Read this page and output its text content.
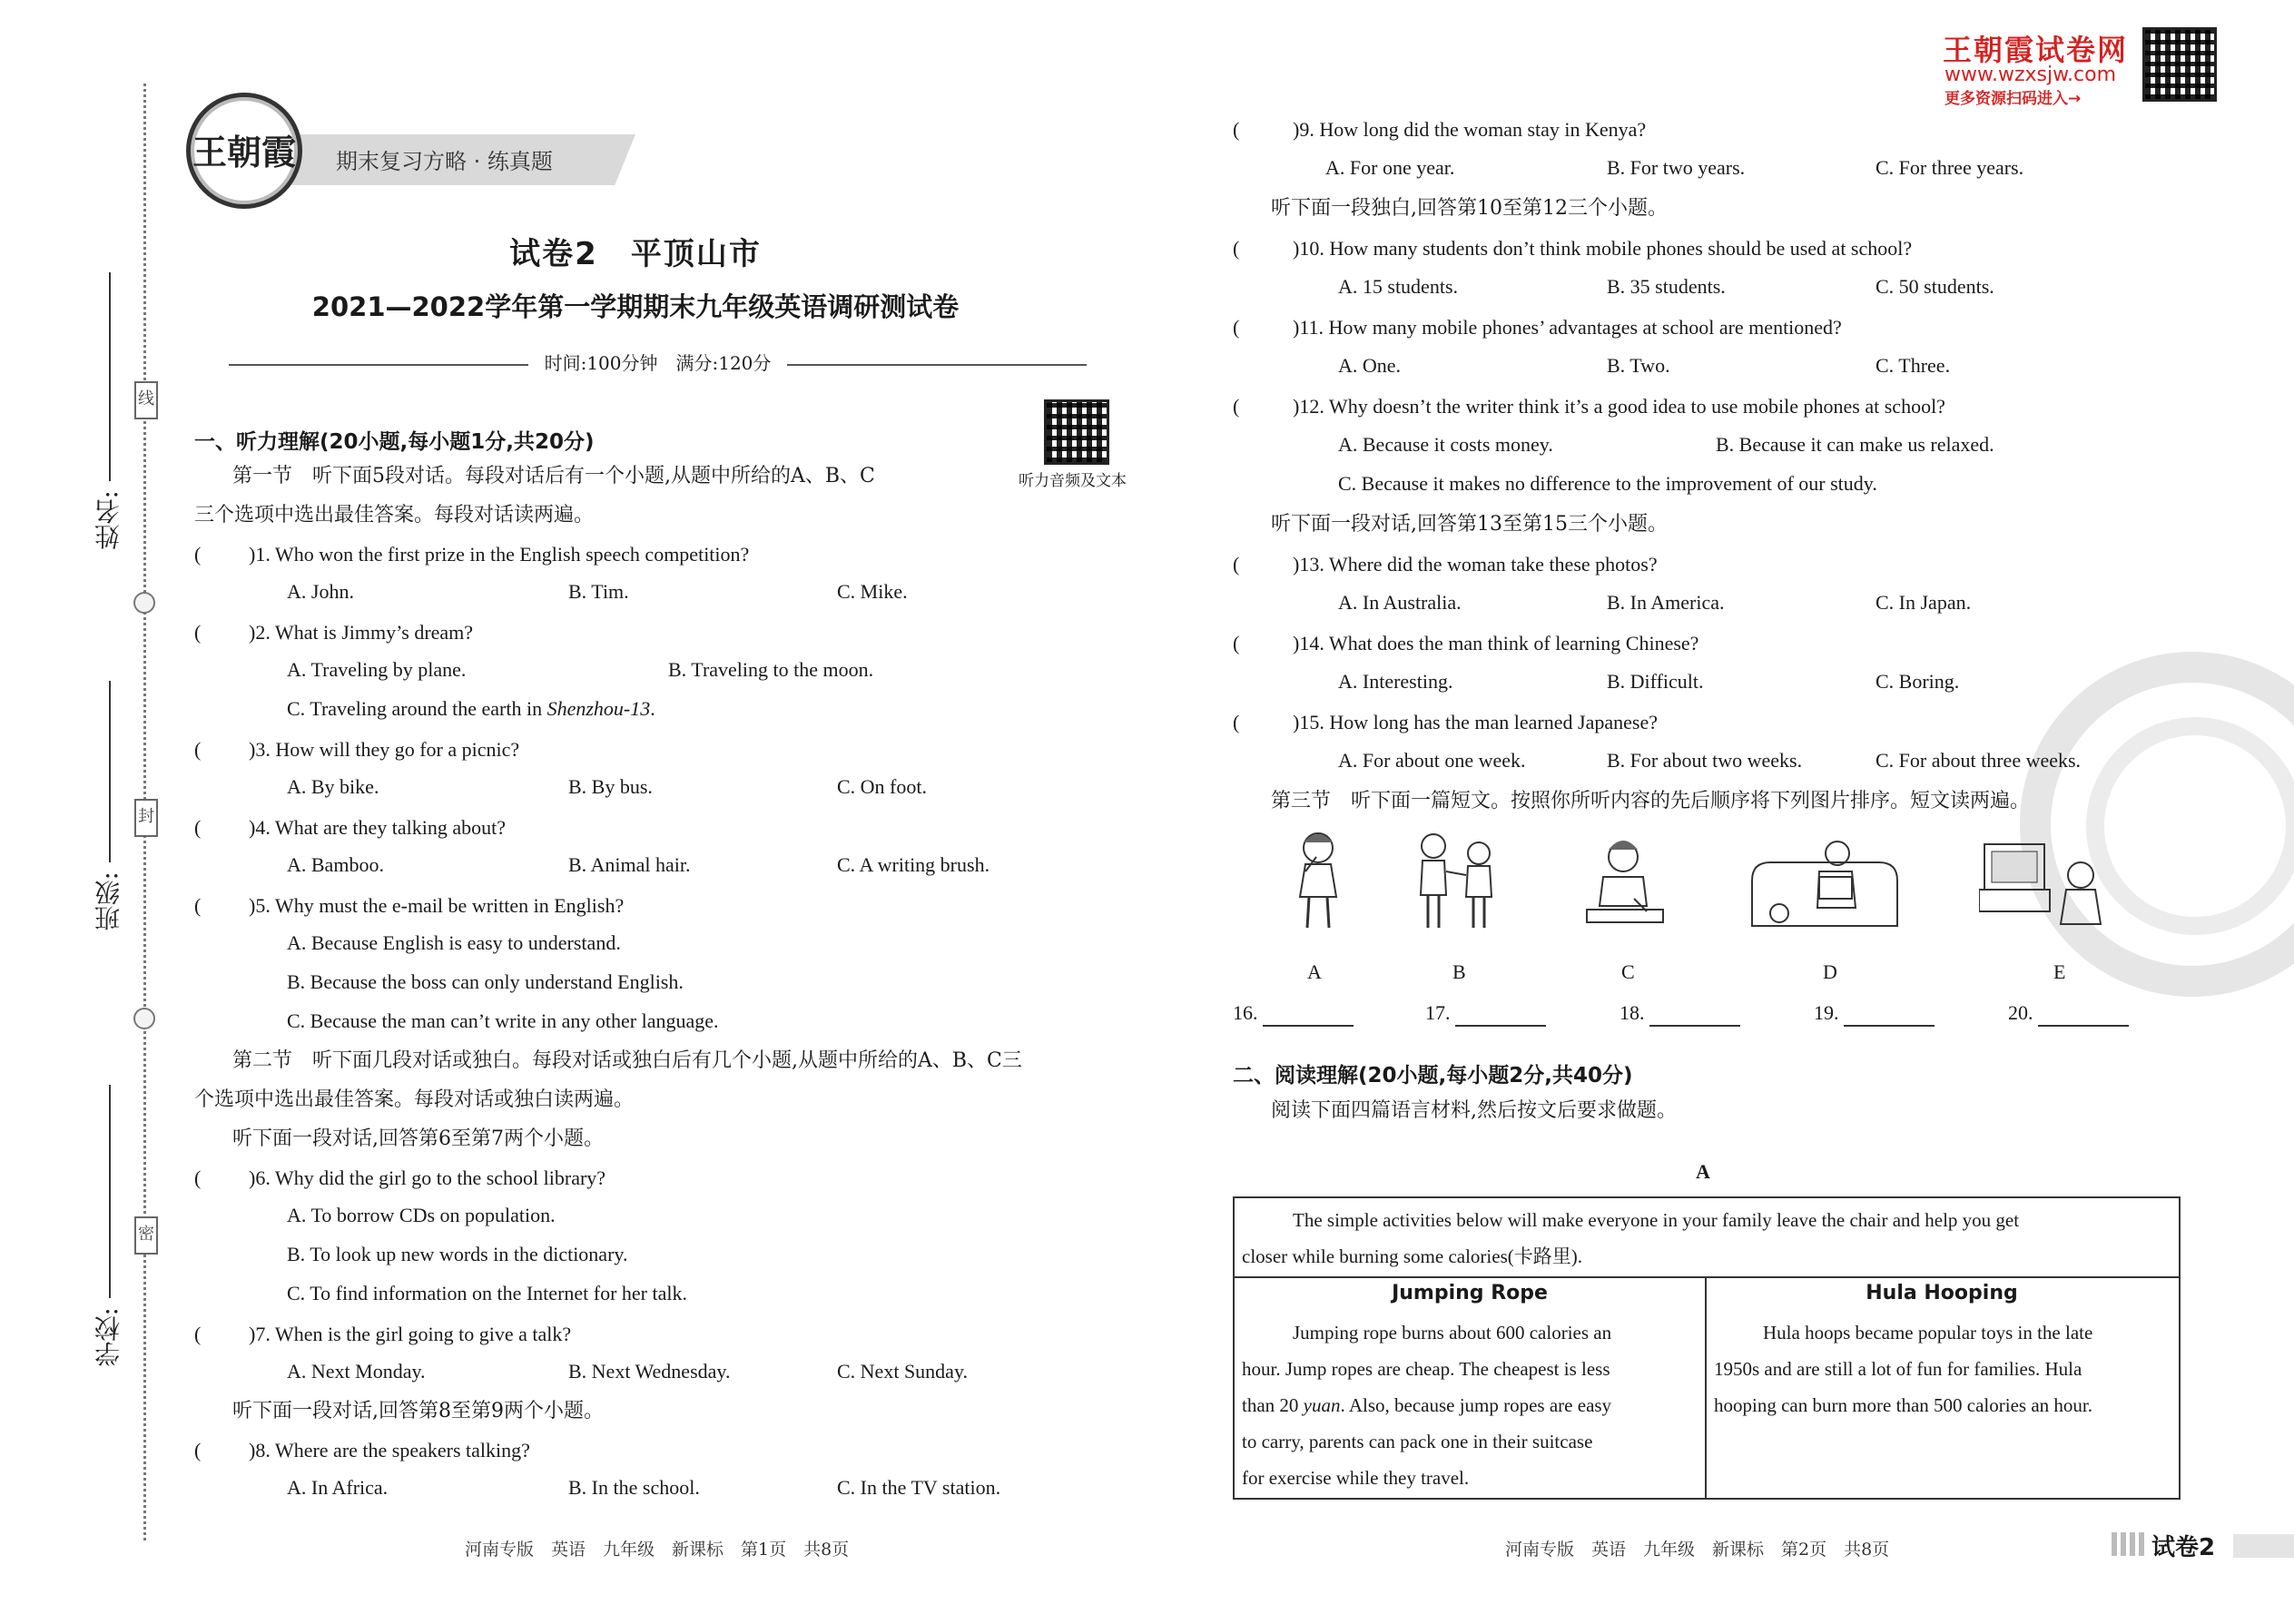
线
封
密
姓名:
班级:
学校:
期末复习方略 · 练真题
王朝霞
试卷2　平顶山市
2021—2022学年第一学期期末九年级英语调研测试卷
时间:100分钟　满分:120分
听力音频及文本
王朝霞试卷网
www.wzxsjw.com
更多资源扫码进入→
一、听力理解(20小题,每小题1分,共20分)
第一节　听下面5段对话。每段对话后有一个小题,从题中所给的A、B、C
三个选项中选出最佳答案。每段对话读两遍。
( )1. Who won the first prize in the English speech competition?
A. John.	B. Tim.	C. Mike.
( )2. What is Jimmy’s dream?
A. Traveling by plane.	B. Traveling to the moon.
C. Traveling around the earth in Shenzhou-13.
( )3. How will they go for a picnic?
A. By bike.	B. By bus.	C. On foot.
( )4. What are they talking about?
A. Bamboo.	B. Animal hair.	C. A writing brush.
( )5. Why must the e-mail be written in English?
A. Because English is easy to understand.
B. Because the boss can only understand English.
C. Because the man can’t write in any other language.
第二节　听下面几段对话或独白。每段对话或独白后有几个小题,从题中所给的A、B、C三
个选项中选出最佳答案。每段对话或独白读两遍。
听下面一段对话,回答第6至第7两个小题。
( )6. Why did the girl go to the school library?
A. To borrow CDs on population.
B. To look up new words in the dictionary.
C. To find information on the Internet for her talk.
( )7. When is the girl going to give a talk?
A. Next Monday.	B. Next Wednesday.	C. Next Sunday.
听下面一段对话,回答第8至第9两个小题。
( )8. Where are the speakers talking?
A. In Africa.	B. In the school.	C. In the TV station.
河南专版　英语　九年级　新课标　第1页　共8页
(	)9. How long did the woman stay in Kenya?
A. For one year.	B. For two years.	C. For three years.
听下面一段独白,回答第10至第12三个小题。
(	)10. How many students don’t think mobile phones should be used at school?
A. 15 students.	B. 35 students.	C. 50 students.
(	)11. How many mobile phones’ advantages at school are mentioned?
A. One.	B. Two.	C. Three.
(	)12. Why doesn’t the writer think it’s a good idea to use mobile phones at school?
A. Because it costs money.	B. Because it can make us relaxed.
C. Because it makes no difference to the improvement of our study.
听下面一段对话,回答第13至第15三个小题。
(	)13. Where did the woman take these photos?
A. In Australia.	B. In America.	C. In Japan.
(	)14. What does the man think of learning Chinese?
A. Interesting.	B. Difficult.	C. Boring.
(	)15. How long has the man learned Japanese?
A. For about one week.	B. For about two weeks.	C. For about three weeks.
第三节　听下面一篇短文。按照你所听内容的先后顺序将下列图片排序。短文读两遍。
A	B	C	D	E
16.	17.	18.	19.	20.
二、阅读理解(20小题,每小题2分,共40分)
阅读下面四篇语言材料,然后按文后要求做题。
A
The simple activities below will make everyone in your family leave the chair and help you get
closer while burning some calories(卡路里).
Jumping Rope
Jumping rope burns about 600 calories an
hour. Jump ropes are cheap. The cheapest is less
than 20 yuan. Also, because jump ropes are easy
to carry, parents can pack one in their suitcase
for exercise while they travel.
Hula Hooping
Hula hoops became popular toys in the late
1950s and are still a lot of fun for families. Hula
hooping can burn more than 500 calories an hour.
河南专版　英语　九年级　新课标　第2页　共8页	试卷2
